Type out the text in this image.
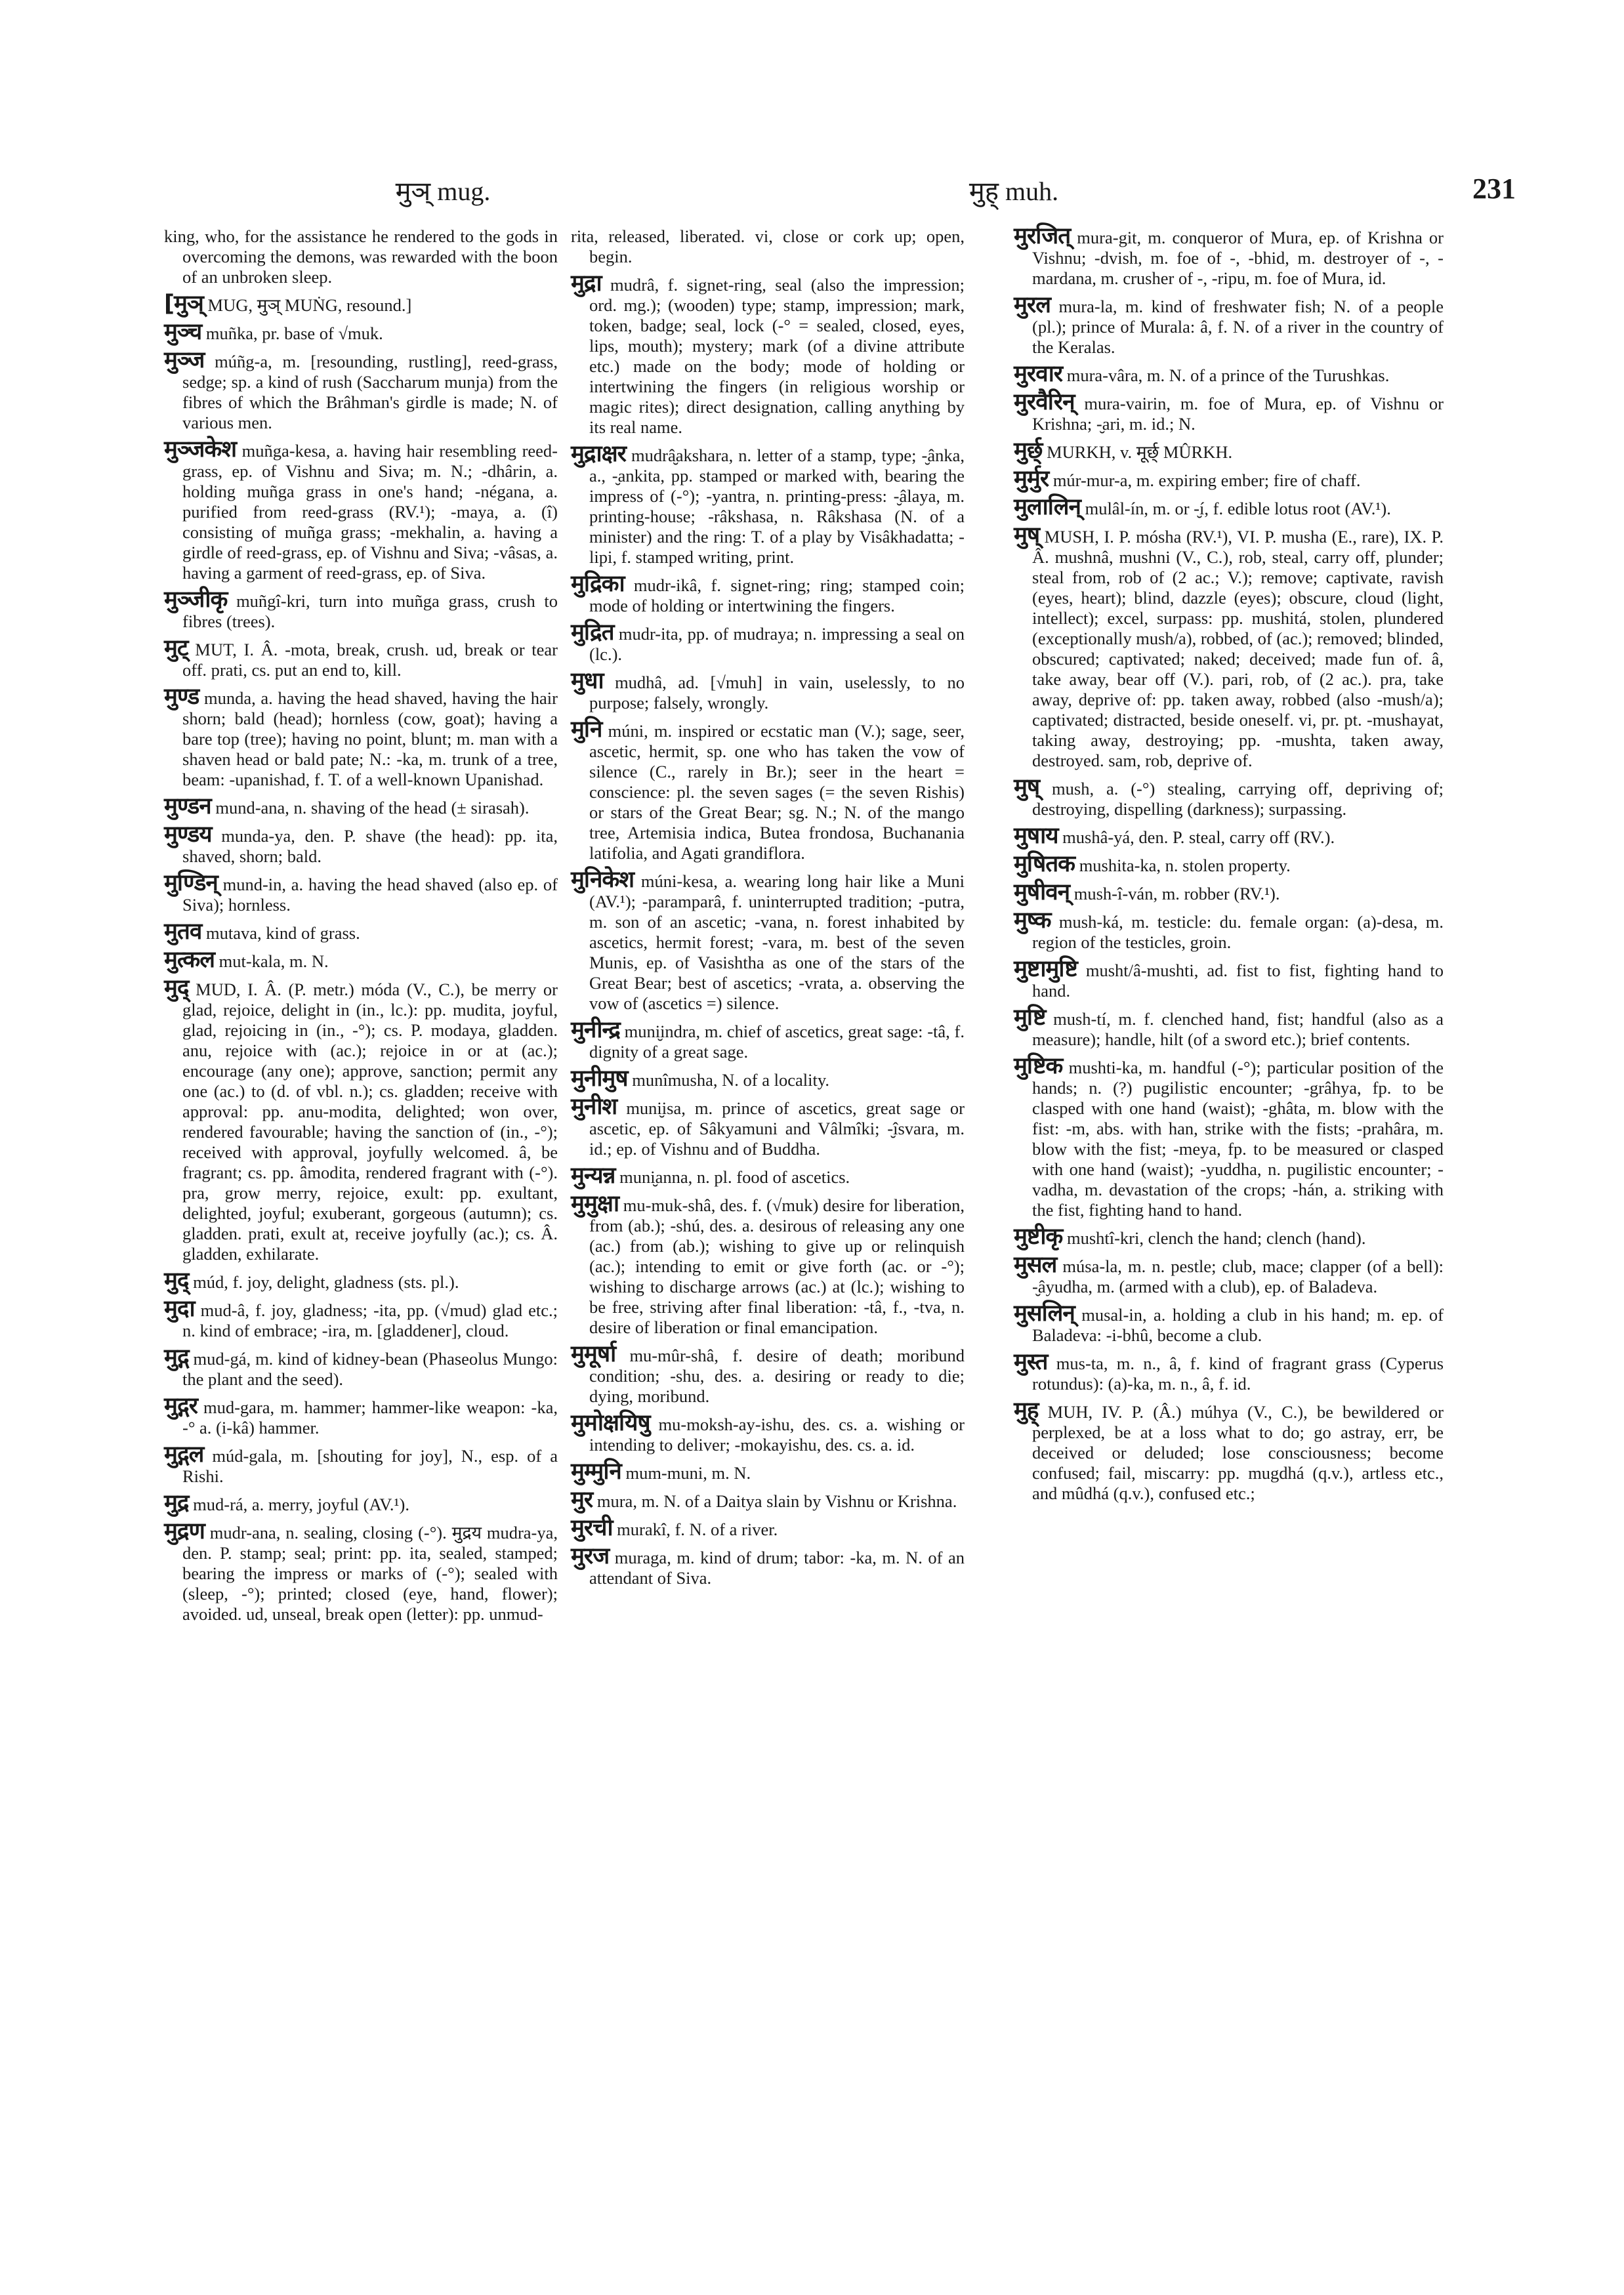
मुञ् mug.	मुह् muh.	231

king, who, for the assistance he rendered to the gods in overcoming the demons, was rewarded with the boon of an unbroken sleep.

[मुञ् MUG, मुञ् MUṄG, resound.]

मुञ्च muñka, pr. base of √muk.

मुञ्ज múñg-a, m. [resounding, rustling], reed-grass, sedge; sp. a kind of rush (Saccharum munja) from the fibres of which the Brâhman's girdle is made; N. of various men.

मुञ्जकेश muñga-kesa, a. having hair resembling reed-grass, ep. of Vishnu and Siva; m. N.; -dhârin, a. holding muñga grass in one's hand; -négana, a. purified from reed-grass (RV.¹); -maya, a. (î) consisting of muñga grass; -mekhalin, a. having a girdle of reed-grass, ep. of Vishnu and Siva; -vâsas, a. having a garment of reed-grass, ep. of Siva.

मुञ्जीकृ muñgî-kri, turn into muñga grass, crush to fibres (trees).

मुट् MUT, I. Â. -mota, break, crush. ud, break or tear off. prati, cs. put an end to, kill.

मुण्ड munda, a. having the head shaved, having the hair shorn; bald (head); hornless (cow, goat); having a bare top (tree); having no point, blunt; m. man with a shaven head or bald pate; N.: -ka, m. trunk of a tree, beam: -upanishad, f. T. of a well-known Upanishad.

मुण्डन mund-ana, n. shaving of the head (± sirasah).

मुण्डय munda-ya, den. P. shave (the head): pp. ita, shaved, shorn; bald.

मुण्डिन् mund-in, a. having the head shaved (also ep. of Siva); hornless.

मुतव mutava, kind of grass.

मुत्कल mut-kala, m. N.

मुद् MUD, I. Â. (P. metr.) móda (V., C.), be merry or glad, rejoice, delight in (in., lc.): pp. mudita, joyful, glad, rejoicing in (in., -°); cs. P. modaya, gladden. anu, rejoice with (ac.); rejoice in or at (ac.); encourage (any one); approve, sanction; permit any one (ac.) to (d. of vbl. n.); cs. gladden; receive with approval: pp. anu-modita, delighted; won over, rendered favourable; having the sanction of (in., -°); received with approval, joyfully welcomed. â, be fragrant; cs. pp. âmodita, rendered fragrant with (-°). pra, grow merry, rejoice, exult: pp. exultant, delighted, joyful; exuberant, gorgeous (autumn); cs. gladden. prati, exult at, receive joyfully (ac.); cs. Â. gladden, exhilarate.

मुद् múd, f. joy, delight, gladness (sts. pl.).

मुदा mud-â, f. joy, gladness; -ita, pp. (√mud) glad etc.; n. kind of embrace; -ira, m. [gladdener], cloud.

मुद्ग mud-gá, m. kind of kidney-bean (Phaseolus Mungo: the plant and the seed).

मुद्गर mud-gara, m. hammer; hammer-like weapon: -ka, -° a. (i-kâ) hammer.

मुद्गल múd-gala, m. [shouting for joy], N., esp. of a Rishi.

मुद्र mud-rá, a. merry, joyful (AV.¹).

मुद्रण mudr-ana, n. sealing, closing (-°). मुद्रय mudra-ya, den. P. stamp; seal; print: pp. ita, sealed, stamped; bearing the impress or marks of (-°); sealed with (sleep, -°); printed; closed (eye, hand, flower); avoided. ud, unseal, break open (letter): pp. unmud-

rita, released, liberated. vi, close or cork up; open, begin.

मुद्रा mudrâ, f. signet-ring, seal (also the impression; ord. mg.); (wooden) type; stamp, impression; mark, token, badge; seal, lock (-° = sealed, closed, eyes, lips, mouth); mystery; mark (of a divine attribute etc.) made on the body; mode of holding or intertwining the fingers (in religious worship or magic rites); direct designation, calling anything by its real name.

मुद्राक्षर mudrâ̮akshara, n. letter of a stamp, type; -̮ânka, a., -̮ankita, pp. stamped or marked with, bearing the impress of (-°); -yantra, n. printing-press: -̮âlaya, m. printing-house; -râkshasa, n. Râkshasa (N. of a minister) and the ring: T. of a play by Visâkhadatta; -lipi, f. stamped writing, print.

मुद्रिका mudr-ikâ, f. signet-ring; ring; stamped coin; mode of holding or intertwining the fingers.

मुद्रित mudr-ita, pp. of mudraya; n. impressing a seal on (lc.).

मुधा mudhâ, ad. [√muh] in vain, uselessly, to no purpose; falsely, wrongly.

मुनि múni, m. inspired or ecstatic man (V.); sage, seer, ascetic, hermit, sp. one who has taken the vow of silence (C., rarely in Br.); seer in the heart = conscience: pl. the seven sages (= the seven Rishis) or stars of the Great Bear; sg. N.; N. of the mango tree, Artemisia indica, Butea frondosa, Buchanania latifolia, and Agati grandiflora.

मुनिकेश múni-kesa, a. wearing long hair like a Muni (AV.¹); -paramparâ, f. uninterrupted tradition; -putra, m. son of an ascetic; -vana, n. forest inhabited by ascetics, hermit forest; -vara, m. best of the seven Munis, ep. of Vasishtha as one of the stars of the Great Bear; best of ascetics; -vrata, a. observing the vow of (ascetics =) silence.

मुनीन्द्र muni̮indra, m. chief of ascetics, great sage: -tâ, f. dignity of a great sage.

मुनीमुष munîmusha, N. of a locality.

मुनीश muni̮isa, m. prince of ascetics, great sage or ascetic, ep. of Sâkyamuni and Vâlmîki; -̮îsvara, m. id.; ep. of Vishnu and of Buddha.

मुन्यन्न muni̮anna, n. pl. food of ascetics.

मुमुक्षा mu-muk-shâ, des. f. (√muk) desire for liberation, from (ab.); -shú, des. a. desirous of releasing any one (ac.) from (ab.); wishing to give up or relinquish (ac.); intending to emit or give forth (ac. or -°); wishing to discharge arrows (ac.) at (lc.); wishing to be free, striving after final liberation: -tâ, f., -tva, n. desire of liberation or final emancipation.

मुमूर्षा mu-mûr-shâ, f. desire of death; moribund condition; -shu, des. a. desiring or ready to die; dying, moribund.

मुमोक्षयिषु mu-moksh-ay-ishu, des. cs. a. wishing or intending to deliver; -mokayishu, des. cs. a. id.

मुम्मुनि mum-muni, m. N.

मुर mura, m. N. of a Daitya slain by Vishnu or Krishna.

मुरची murakî, f. N. of a river.

मुरज muraga, m. kind of drum; tabor: -ka, m. N. of an attendant of Siva.

मुरजित् mura-git, m. conqueror of Mura, ep. of Krishna or Vishnu; -dvish, m. foe of -, -bhid, m. destroyer of -, -mardana, m. crusher of -, -ripu, m. foe of Mura, id.

मुरल mura-la, m. kind of freshwater fish; N. of a people (pl.); prince of Murala: â, f. N. of a river in the country of the Keralas.

मुरवार mura-vâra, m. N. of a prince of the Turushkas.

मुरवैरिन् mura-vairin, m. foe of Mura, ep. of Vishnu or Krishna; -̮ari, m. id.; N.

मुर्छ् MURKH, v. मूर्छ् MÛRKH.

मुर्मुर múr-mur-a, m. expiring ember; fire of chaff.

मुलालिन् mulâl-ín, m. or -̮í, f. edible lotus root (AV.¹).

मुष् MUSH, I. P. mósha (RV.¹), VI. P. musha (E., rare), IX. P. Â. mushnâ, mushni (V., C.), rob, steal, carry off, plunder; steal from, rob of (2 ac.; V.); remove; captivate, ravish (eyes, heart); blind, dazzle (eyes); obscure, cloud (light, intellect); excel, surpass: pp. mushitá, stolen, plundered (exceptionally mush/a), robbed, of (ac.); removed; blinded, obscured; captivated; naked; deceived; made fun of. â, take away, bear off (V.). pari, rob, of (2 ac.). pra, take away, deprive of: pp. taken away, robbed (also -mush/a); captivated; distracted, beside oneself. vi, pr. pt. -mushayat, taking away, destroying; pp. -mushta, taken away, destroyed. sam, rob, deprive of.

मुष् mush, a. (-°) stealing, carrying off, depriving of; destroying, dispelling (darkness); surpassing.

मुषाय mushâ-yá, den. P. steal, carry off (RV.).

मुषितक mushita-ka, n. stolen property.

मुषीवन् mush-î-ván, m. robber (RV.¹).

मुष्क mush-ká, m. testicle: du. female organ: (a)-desa, m. region of the testicles, groin.

मुष्टामुष्टि musht/â-mushti, ad. fist to fist, fighting hand to hand.

मुष्टि mush-tí, m. f. clenched hand, fist; handful (also as a measure); handle, hilt (of a sword etc.); brief contents.

मुष्टिक mushti-ka, m. handful (-°); particular position of the hands; n. (?) pugilistic encounter; -grâhya, fp. to be clasped with one hand (waist); -ghâta, m. blow with the fist: -m, abs. with han, strike with the fists; -prahâra, m. blow with the fist; -meya, fp. to be measured or clasped with one hand (waist); -yuddha, n. pugilistic encounter; -vadha, m. devastation of the crops; -hán, a. striking with the fist, fighting hand to hand.

मुष्टीकृ mushtî-kri, clench the hand; clench (hand).

मुसल músa-la, m. n. pestle; club, mace; clapper (of a bell): -̮âyudha, m. (armed with a club), ep. of Baladeva.

मुसलिन् musal-in, a. holding a club in his hand; m. ep. of Baladeva: -i-bhû, become a club.

मुस्त mus-ta, m. n., â, f. kind of fragrant grass (Cyperus rotundus): (a)-ka, m. n., â, f. id.

मुह् MUH, IV. P. (Â.) múhya (V., C.), be bewildered or perplexed, be at a loss what to do; go astray, err, be deceived or deluded; lose consciousness; become confused; fail, miscarry: pp. mugdhá (q.v.), artless etc., and mûdhá (q.v.), confused etc.;
